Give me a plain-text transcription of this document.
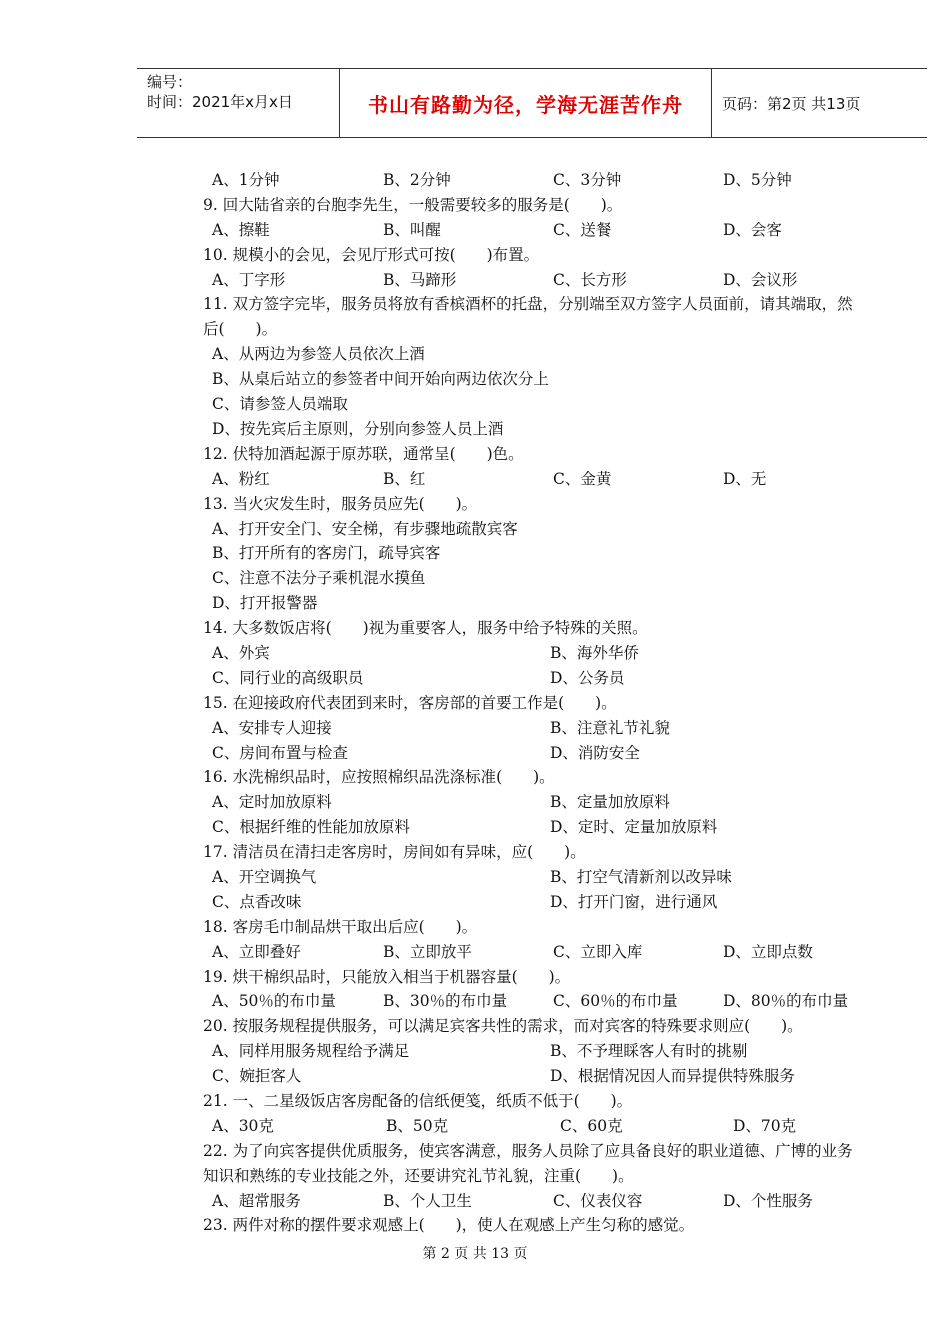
编号：
时间：2021年x月x日	书山有路勤为径，学海无涯苦作舟	页码：第2页 共13页
A、1分钟	B、2分钟	C、3分钟	D、5分钟
9. 回大陆省亲的台胞李先生，一般需要较多的服务是(　　)。
A、擦鞋	B、叫醒	C、送餐	D、会客
10. 规模小的会见，会见厅形式可按(　　)布置。
A、丁字形	B、马蹄形	C、长方形	D、会议形
11. 双方签字完毕，服务员将放有香槟酒杯的托盘，分别端至双方签字人员面前，请其端取，然后(　　)。
A、从两边为参签人员依次上酒
B、从桌后站立的参签者中间开始向两边依次分上
C、请参签人员端取
D、按先宾后主原则，分别向参签人员上酒
12. 伏特加酒起源于原苏联，通常呈(　　)色。
A、粉红	B、红	C、金黄	D、无
13. 当火灾发生时，服务员应先(　　)。
A、打开安全门、安全梯，有步骤地疏散宾客
B、打开所有的客房门，疏导宾客
C、注意不法分子乘机混水摸鱼
D、打开报警器
14. 大多数饭店将(　　)视为重要客人，服务中给予特殊的关照。
A、外宾	B、海外华侨
C、同行业的高级职员	D、公务员
15. 在迎接政府代表团到来时，客房部的首要工作是(　　)。
A、安排专人迎接	B、注意礼节礼貌
C、房间布置与检查	D、消防安全
16. 水洗棉织品时，应按照棉织品洗涤标准(　　)。
A、定时加放原料	B、定量加放原料
C、根据纤维的性能加放原料	D、定时、定量加放原料
17. 清洁员在清扫走客房时，房间如有异味，应(　　)。
A、开空调换气	B、打空气清新剂以改异味
C、点香改味	D、打开门窗，进行通风
18. 客房毛巾制品烘干取出后应(　　)。
A、立即叠好	B、立即放平	C、立即入库	D、立即点数
19. 烘干棉织品时，只能放入相当于机器容量(　　)。
A、50％的布巾量	B、30％的布巾量	C、60％的布巾量	D、80％的布巾量
20. 按服务规程提供服务，可以满足宾客共性的需求，而对宾客的特殊要求则应(　　)。
A、同样用服务规程给予满足	B、不予理睬客人有时的挑剔
C、婉拒客人	D、根据情况因人而异提供特殊服务
21. 一、二星级饭店客房配备的信纸便笺，纸质不低于(　　)。
A、30克	B、50克	C、60克	D、70克
22. 为了向宾客提供优质服务，使宾客满意，服务人员除了应具备良好的职业道德、广博的业务知识和熟练的专业技能之外，还要讲究礼节礼貌，注重(　　)。
A、超常服务	B、个人卫生	C、仪表仪容	D、个性服务
23. 两件对称的摆件要求观感上(　　)，使人在观感上产生匀称的感觉。
第 2 页 共 13 页
